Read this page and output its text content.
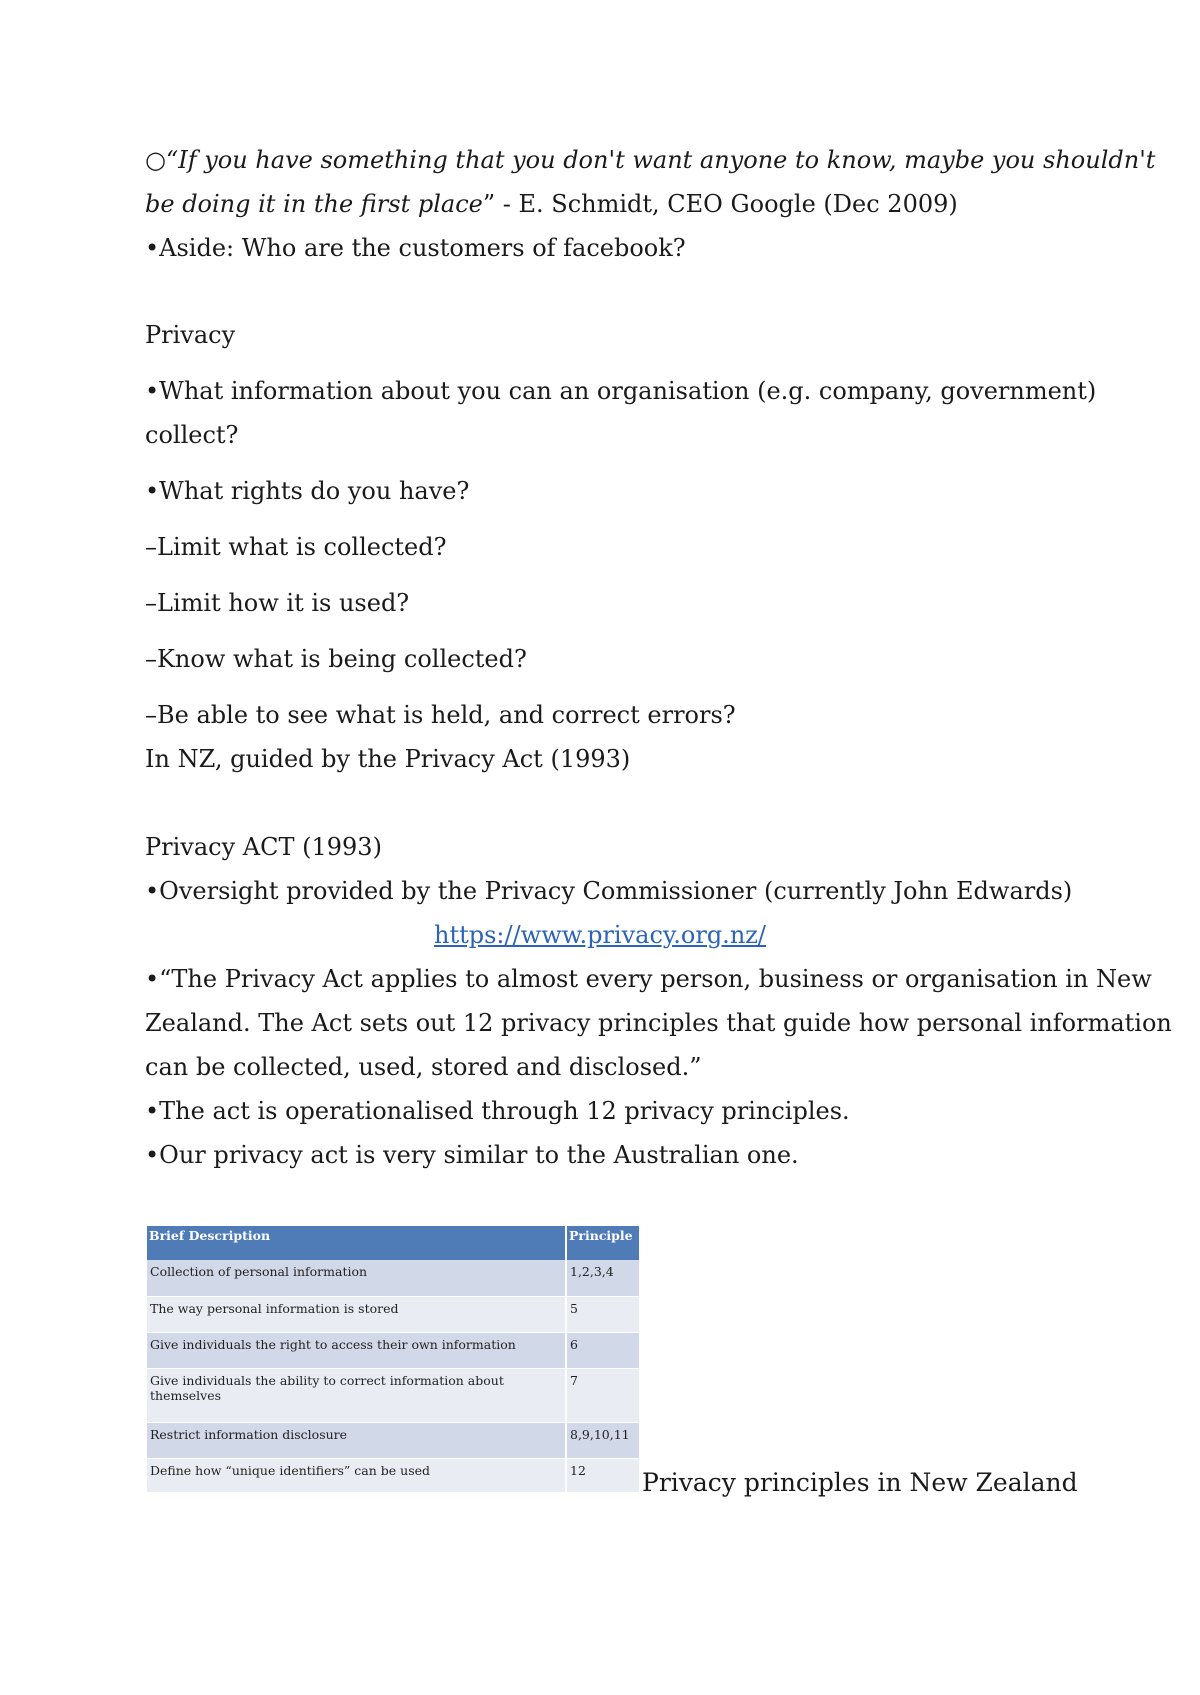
○“If you have something that you don't want anyone to know, maybe you shouldn't
be doing it in the first place” - E. Schmidt, CEO Google (Dec 2009)
•Aside: Who are the customers of facebook?
Privacy
•What information about you can an organisation (e.g. company, government)
collect?
•What rights do you have?
–Limit what is collected?
–Limit how it is used?
–Know what is being collected?
–Be able to see what is held, and correct errors?
In NZ, guided by the Privacy Act (1993)
Privacy ACT (1993)
•Oversight provided by the Privacy Commissioner (currently John Edwards)
https://www.privacy.org.nz/
•“The Privacy Act applies to almost every person, business or organisation in New
Zealand. The Act sets out 12 privacy principles that guide how personal information
can be collected, used, stored and disclosed.”
•The act is operationalised through 12 privacy principles.
•Our privacy act is very similar to the Australian one.
Brief Description	Principle
Collection of personal information	1,2,3,4
The way personal information is stored	5
Give individuals the right to access their own information	6
Give individuals the ability to correct information about themselves	7
Restrict information disclosure	8,9,10,11
Define how “unique identifiers” can be used	12 Privacy principles in New Zealand
